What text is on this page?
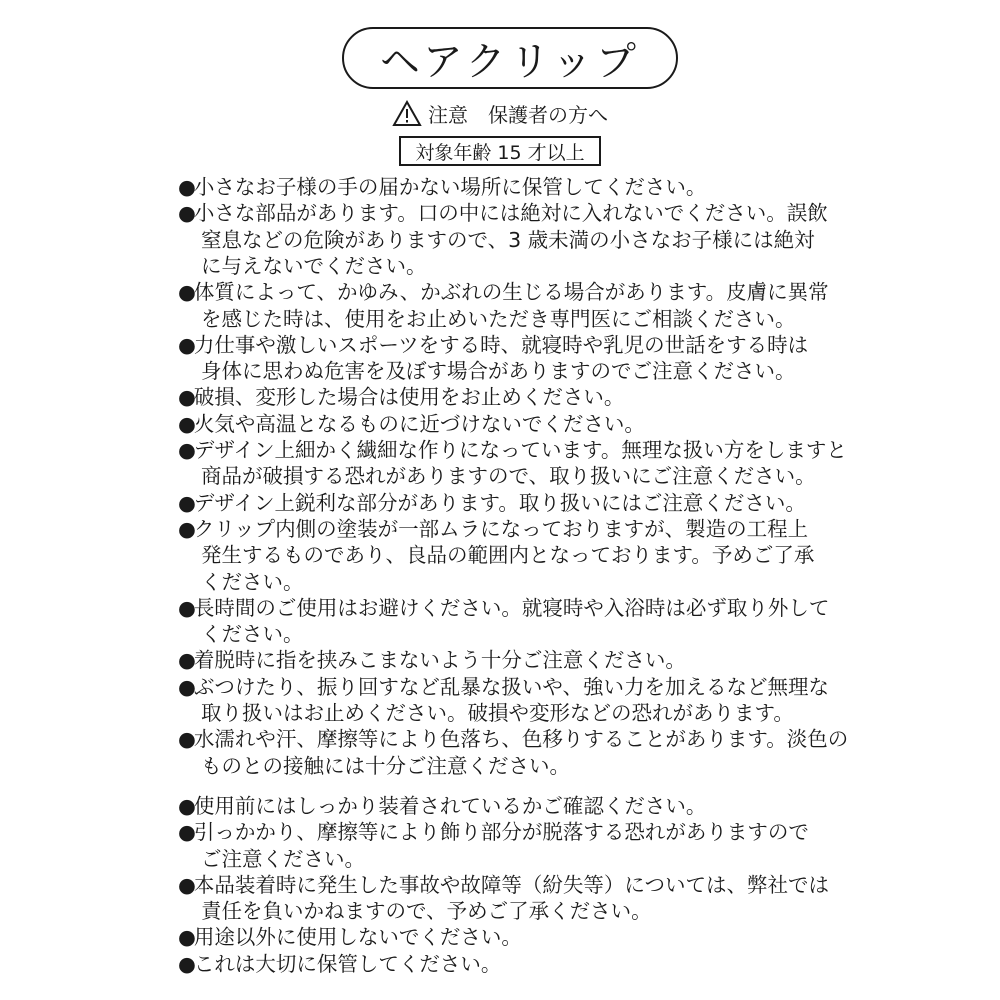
ヘアクリップ
注意　保護者の方へ
対象年齢 15 才以上
●小さなお子様の手の届かない場所に保管してください。
●小さな部品があります。口の中には絶対に入れないでください。誤飲
窒息などの危険がありますので、3 歳未満の小さなお子様には絶対
に与えないでください。
●体質によって、かゆみ、かぶれの生じる場合があります。皮膚に異常
を感じた時は、使用をお止めいただき専門医にご相談ください。
●力仕事や激しいスポーツをする時、就寝時や乳児の世話をする時は
身体に思わぬ危害を及ぼす場合がありますのでご注意ください。
●破損、変形した場合は使用をお止めください。
●火気や高温となるものに近づけないでください。
●デザイン上細かく繊細な作りになっています。無理な扱い方をしますと
商品が破損する恐れがありますので、取り扱いにご注意ください。
●デザイン上鋭利な部分があります。取り扱いにはご注意ください。
●クリップ内側の塗装が一部ムラになっておりますが、製造の工程上
発生するものであり、良品の範囲内となっております。予めご了承
ください。
●長時間のご使用はお避けください。就寝時や入浴時は必ず取り外して
ください。
●着脱時に指を挟みこまないよう十分ご注意ください。
●ぶつけたり、振り回すなど乱暴な扱いや、強い力を加えるなど無理な
取り扱いはお止めください。破損や変形などの恐れがあります。
●水濡れや汗、摩擦等により色落ち、色移りすることがあります。淡色の
ものとの接触には十分ご注意ください。
●使用前にはしっかり装着されているかご確認ください。
●引っかかり、摩擦等により飾り部分が脱落する恐れがありますので
ご注意ください。
●本品装着時に発生した事故や故障等（紛失等）については、弊社では
責任を負いかねますので、予めご了承ください。
●用途以外に使用しないでください。
●これは大切に保管してください。
